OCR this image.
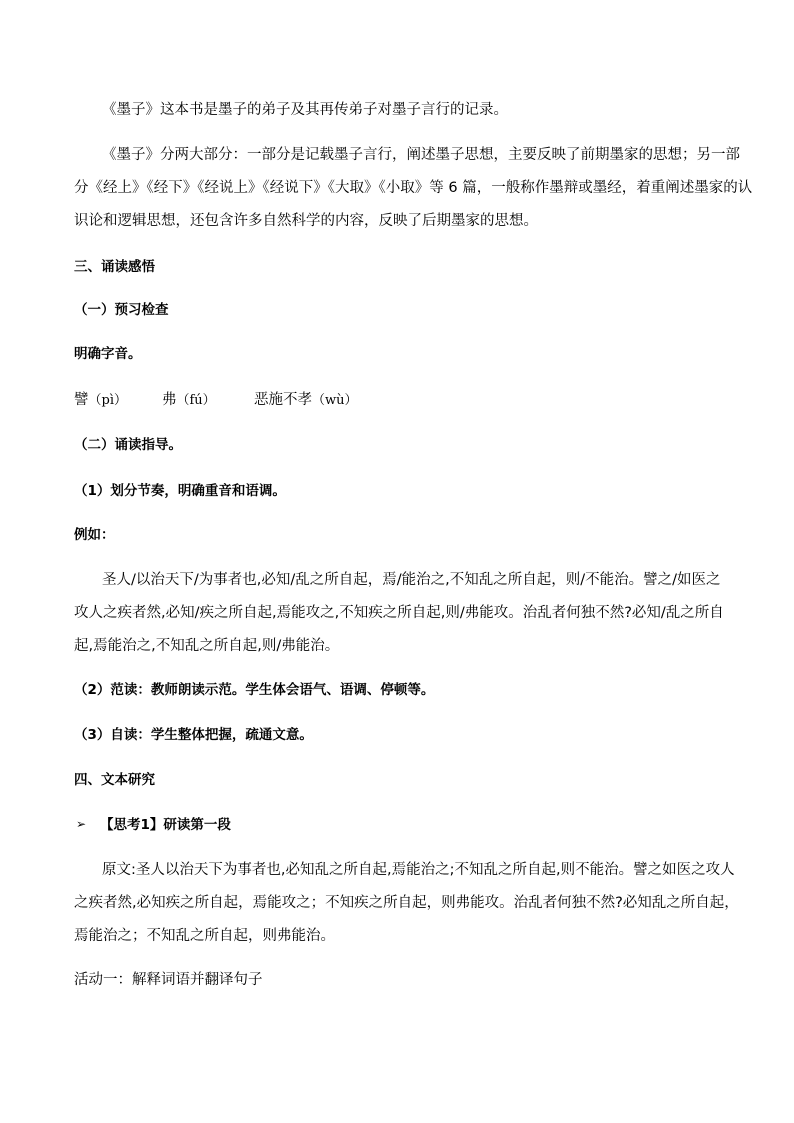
《墨子》这本书是墨子的弟子及其再传弟子对墨子言行的记录。
《墨子》分两大部分：一部分是记载墨子言行，阐述墨子思想，主要反映了前期墨家的思想；另一部
分《经上》《经下》《经说上》《经说下》《大取》《小取》等 6 篇，一般称作墨辩或墨经，着重阐述墨家的认
识论和逻辑思想，还包含许多自然科学的内容，反映了后期墨家的思想。
三、诵读感悟
（一）预习检查
明确字音。
譬（pì） 弗（fú）	恶施不孝（wù）
（二）诵读指导。
（1）划分节奏，明确重音和语调。
例如：
圣人/以治天下/为事者也,必知/乱之所自起，焉/能治之,不知乱之所自起，则/不能治。譬之/如医之
攻人之疾者然,必知/疾之所自起,焉能攻之,不知疾之所自起,则/弗能攻。治乱者何独不然?必知/乱之所自
起,焉能治之,不知乱之所自起,则/弗能治。
（2）范读：教师朗读示范。学生体会语气、语调、停顿等。
（3）自读：学生整体把握，疏通文意。
四、文本研究
➢ 【思考1】研读第一段
原文:圣人以治天下为事者也,必知乱之所自起,焉能治之;不知乱之所自起,则不能治。譬之如医之攻人
之疾者然,必知疾之所自起，焉能攻之；不知疾之所自起，则弗能攻。治乱者何独不然?必知乱之所自起，
焉能治之；不知乱之所自起，则弗能治。
活动一：解释词语并翻译句子
